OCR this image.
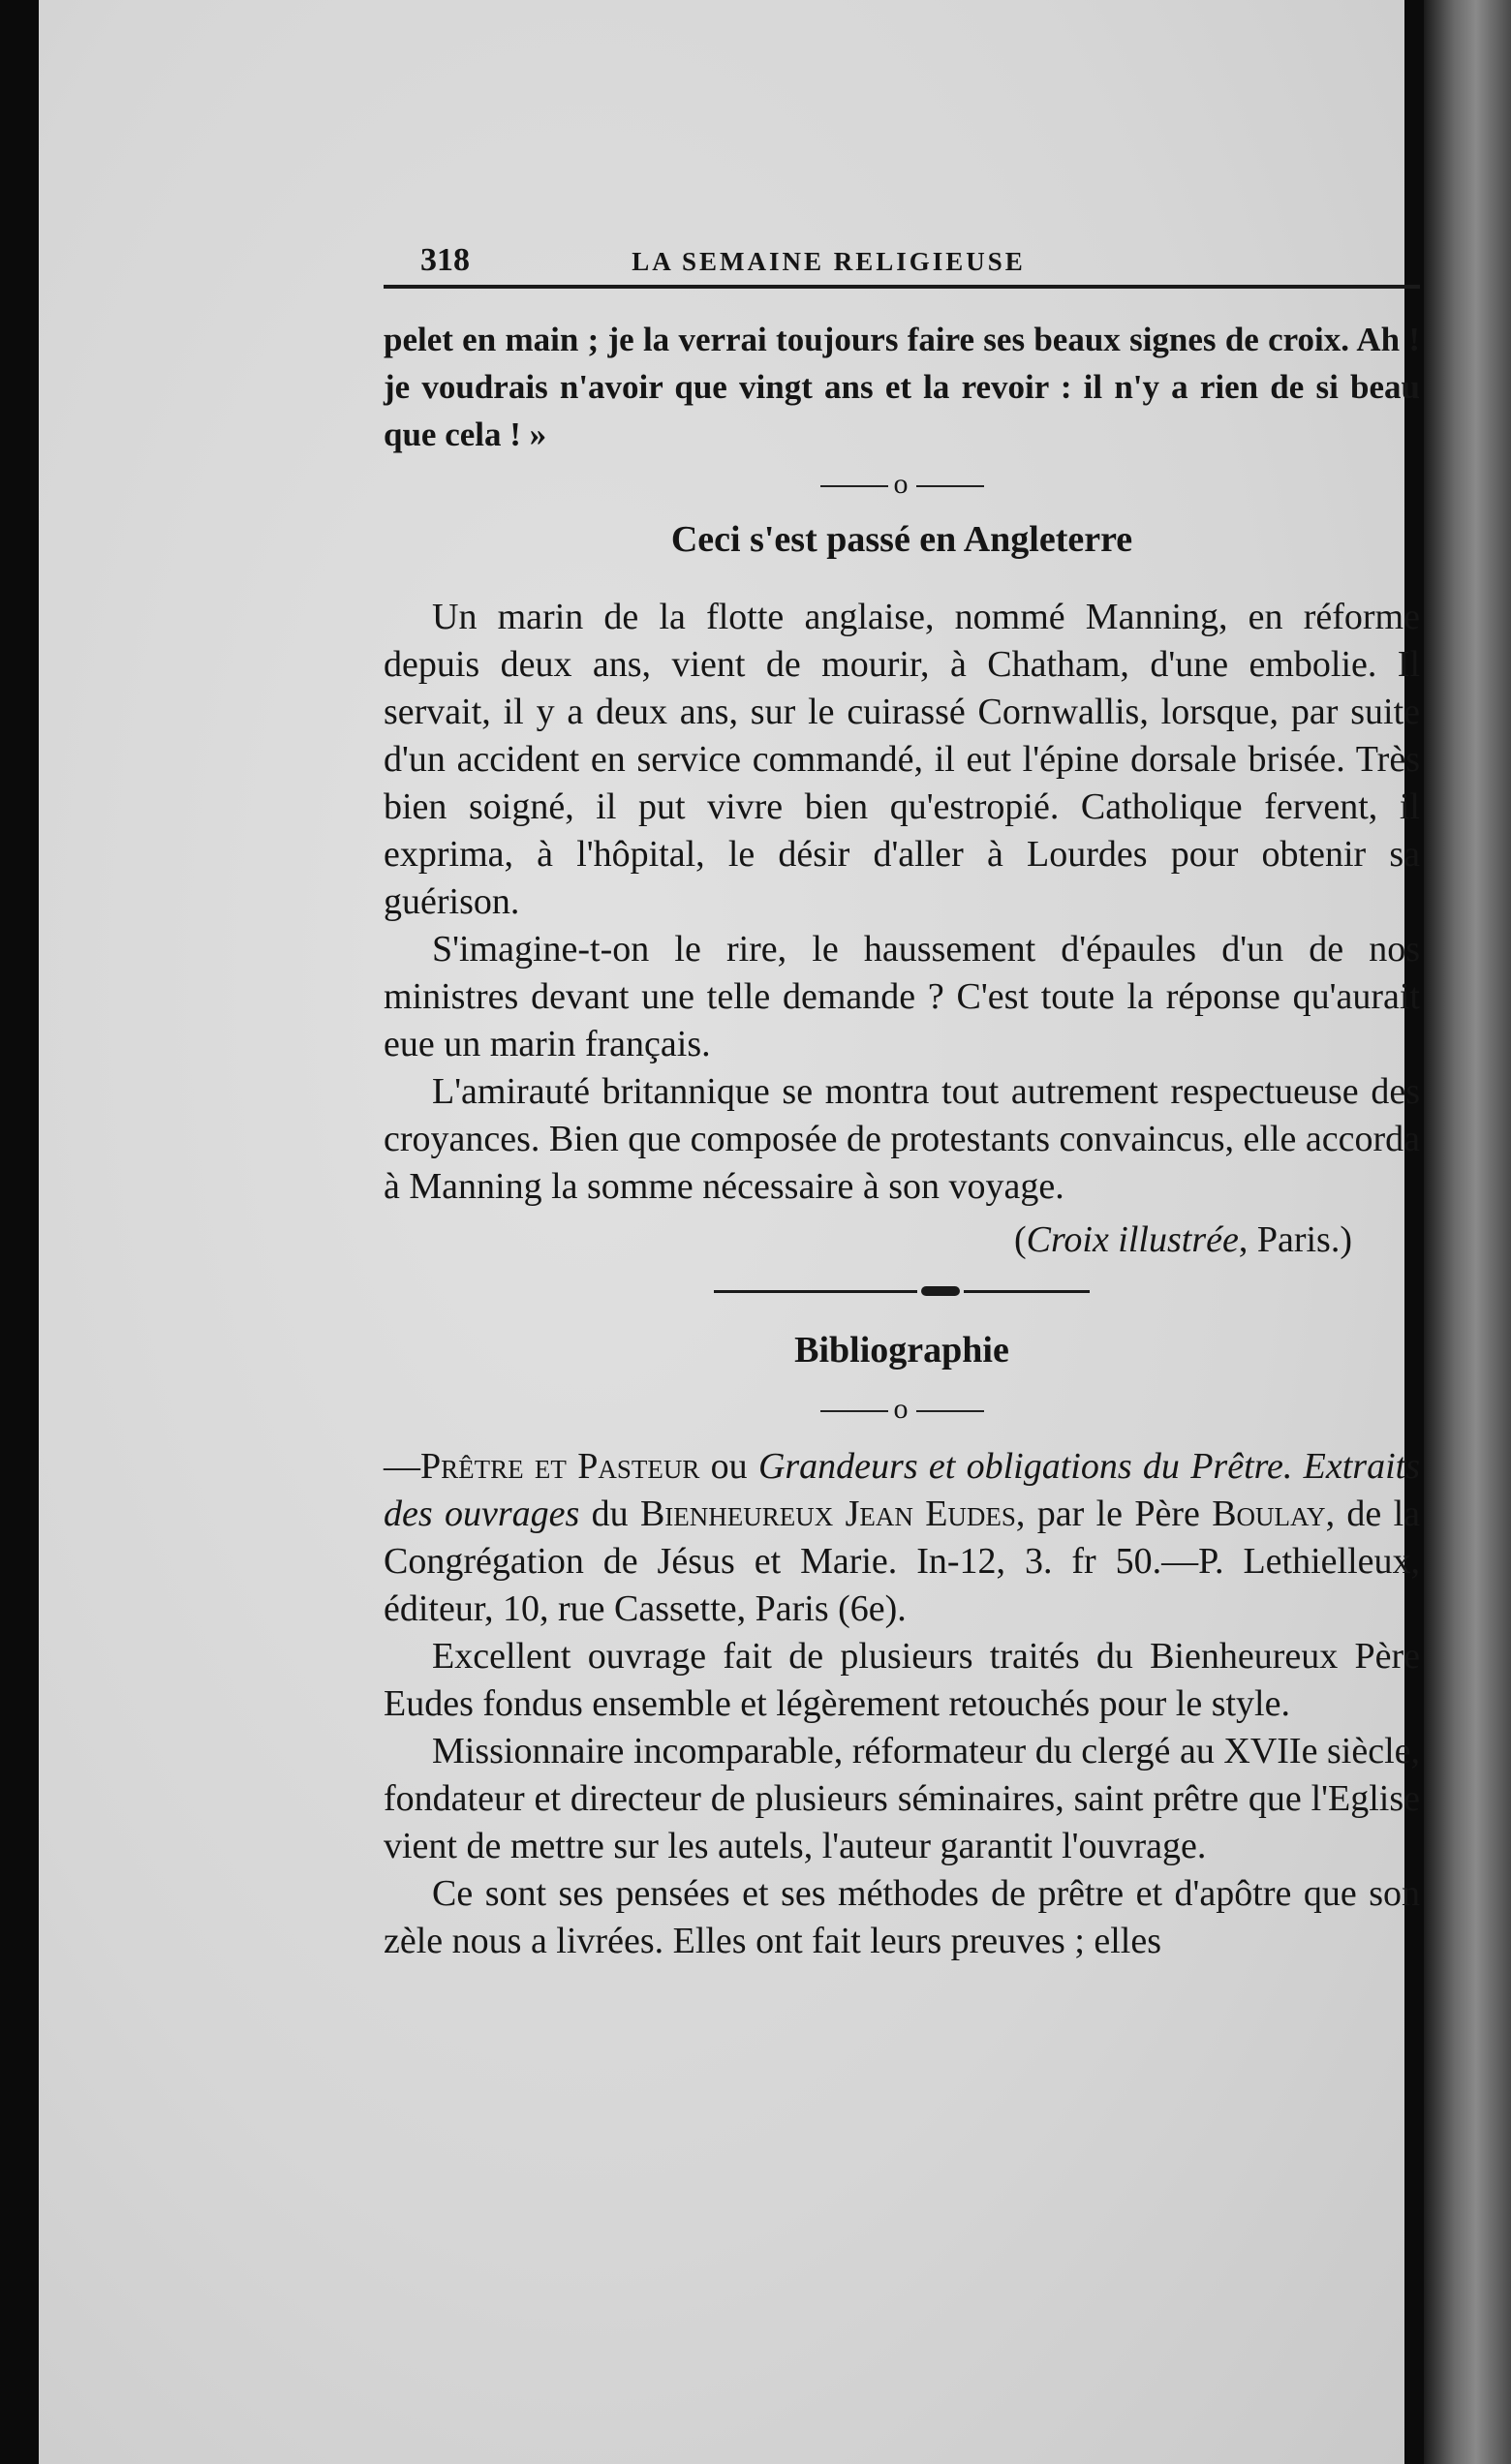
318	LA SEMAINE RELIGIEUSE

pelet en main ; je la verrai toujours faire ses beaux signes de croix. Ah ! je voudrais n'avoir que vingt ans et la revoir : il n'y a rien de si beau que cela ! »

o
Ceci s'est passé en Angleterre

Un marin de la flotte anglaise, nommé Manning, en réforme depuis deux ans, vient de mourir, à Chatham, d'une embolie. Il servait, il y a deux ans, sur le cuirassé Cornwallis, lorsque, par suite d'un accident en service commandé, il eut l'épine dorsale brisée. Très bien soigné, il put vivre bien qu'estropié. Catholique fervent, il exprima, à l'hôpital, le désir d'aller à Lourdes pour obtenir sa guérison.

S'imagine-t-on le rire, le haussement d'épaules d'un de nos ministres devant une telle demande ? C'est toute la réponse qu'aurait eue un marin français.

L'amirauté britannique se montra tout autrement respectueuse des croyances. Bien que composée de protestants convaincus, elle accorda à Manning la somme nécessaire à son voyage.

(Croix illustrée, Paris.)
Bibliographie
o

—Prêtre et Pasteur ou Grandeurs et obligations du Prêtre. Extraits des ouvrages du Bienheureux Jean Eudes, par le Père Boulay, de la Congrégation de Jésus et Marie. In-12, 3. fr 50.—P. Lethielleux, éditeur, 10, rue Cassette, Paris (6e).

Excellent ouvrage fait de plusieurs traités du Bienheureux Père Eudes fondus ensemble et légèrement retouchés pour le style.

Missionnaire incomparable, réformateur du clergé au XVIIe siècle, fondateur et directeur de plusieurs séminaires, saint prêtre que l'Eglise vient de mettre sur les autels, l'auteur garantit l'ouvrage.

Ce sont ses pensées et ses méthodes de prêtre et d'apôtre que son zèle nous a livrées. Elles ont fait leurs preuves ; elles
